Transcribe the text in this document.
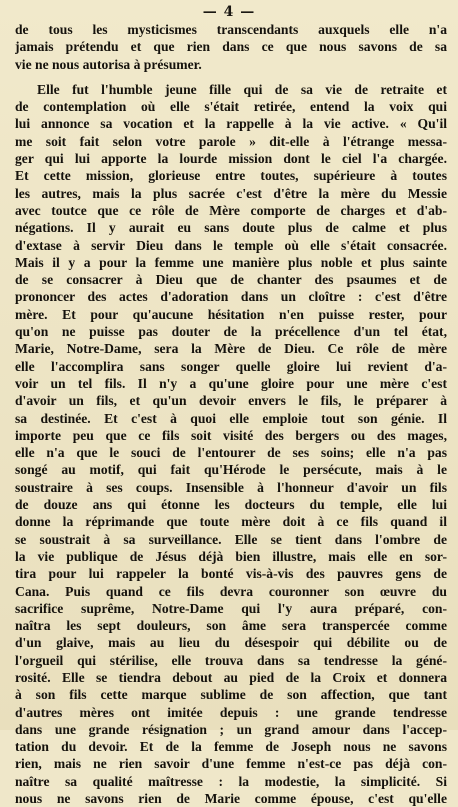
— 4 —
de tous les mysticismes transcendants auxquels elle n'a
jamais prétendu et que rien dans ce que nous savons de sa
vie ne nous autorisa à présumer.
Elle fut l'humble jeune fille qui de sa vie de retraite et
de contemplation où elle s'était retirée, entend la voix qui
lui annonce sa vocation et la rappelle à la vie active. « Qu'il
me soit fait selon votre parole » dit-elle à l'étrange messa-
ger qui lui apporte la lourde mission dont le ciel l'a chargée.
Et cette mission, glorieuse entre toutes, supérieure à toutes
les autres, mais la plus sacrée c'est d'être la mère du Messie
avec toutce que ce rôle de Mère comporte de charges et d'ab-
négations. Il y aurait eu sans doute plus de calme et plus
d'extase à servir Dieu dans le temple où elle s'était consacrée.
Mais il y a pour la femme une manière plus noble et plus sainte
de se consacrer à Dieu que de chanter des psaumes et de
prononcer des actes d'adoration dans un cloître : c'est d'être
mère. Et pour qu'aucune hésitation n'en puisse rester, pour
qu'on ne puisse pas douter de la précellence d'un tel état,
Marie, Notre-Dame, sera la Mère de Dieu. Ce rôle de mère
elle l'accomplira sans songer quelle gloire lui revient d'a-
voir un tel fils. Il n'y a qu'une gloire pour une mère c'est
d'avoir un fils, et qu'un devoir envers le fils, le préparer à
sa destinée. Et c'est à quoi elle emploie tout son génie. Il
importe peu que ce fils soit visité des bergers ou des mages,
elle n'a que le souci de l'entourer de ses soins; elle n'a pas
songé au motif, qui fait qu'Hérode le persécute, mais à le
soustraire à ses coups. Insensible à l'honneur d'avoir un fils
de douze ans qui étonne les docteurs du temple, elle lui
donne la réprimande que toute mère doit à ce fils quand il
se soustrait à sa surveillance. Elle se tient dans l'ombre de
la vie publique de Jésus déjà bien illustre, mais elle en sor-
tira pour lui rappeler la bonté vis-à-vis des pauvres gens de
Cana. Puis quand ce fils devra couronner son œuvre du
sacrifice suprême, Notre-Dame qui l'y aura préparé, con-
naîtra les sept douleurs, son âme sera transpercée comme
d'un glaive, mais au lieu du désespoir qui débilite ou de
l'orgueil qui stérilise, elle trouva dans sa tendresse la géné-
rosité. Elle se tiendra debout au pied de la Croix et donnera
à son fils cette marque sublime de son affection, que tant
d'autres mères ont imitée depuis : une grande tendresse
dans une grande résignation ; un grand amour dans l'accep-
tation du devoir. Et de la femme de Joseph nous ne savons
rien, mais ne rien savoir d'une femme n'est-ce pas déjà con-
naître sa qualité maîtresse : la modestie, la simplicité. Si
nous ne savons rien de Marie comme épouse, c'est qu'elle
